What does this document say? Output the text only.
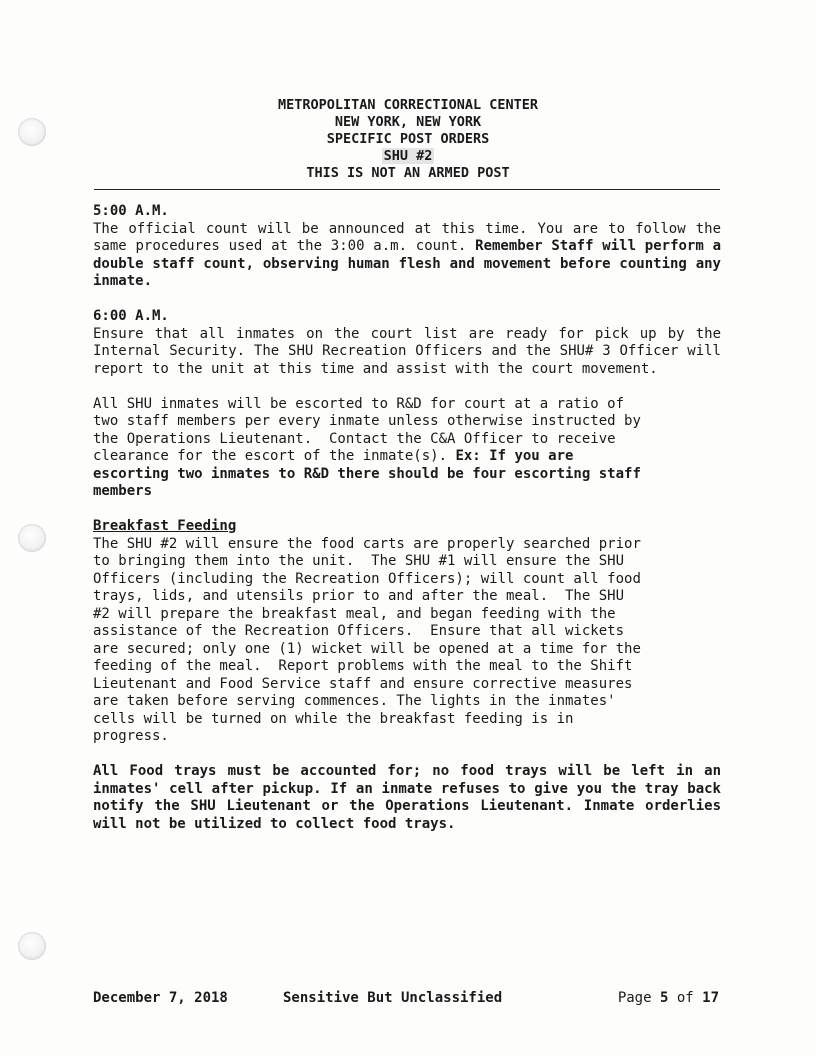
METROPOLITAN CORRECTIONAL CENTER
NEW YORK, NEW YORK
SPECIFIC POST ORDERS
SHU #2
THIS IS NOT AN ARMED POST

5:00 A.M.

The official count will be announced at this time. You are to follow the same procedures used at the 3:00 a.m. count. Remember Staff will perform a double staff count, observing human flesh and movement before counting any inmate.

6:00 A.M.

Ensure that all inmates on the court list are ready for pick up by the Internal Security. The SHU Recreation Officers and the SHU# 3 Officer will report to the unit at this time and assist with the court movement.

All SHU inmates will be escorted to R&D for court at a ratio of
two staff members per every inmate unless otherwise instructed by
the Operations Lieutenant.  Contact the C&A Officer to receive
clearance for the escort of the inmate(s). Ex: If you are
escorting two inmates to R&D there should be four escorting staff
members

Breakfast Feeding

The SHU #2 will ensure the food carts are properly searched prior
to bringing them into the unit.  The SHU #1 will ensure the SHU
Officers (including the Recreation Officers); will count all food
trays, lids, and utensils prior to and after the meal.  The SHU
#2 will prepare the breakfast meal, and began feeding with the
assistance of the Recreation Officers.  Ensure that all wickets
are secured; only one (1) wicket will be opened at a time for the
feeding of the meal.  Report problems with the meal to the Shift
Lieutenant and Food Service staff and ensure corrective measures
are taken before serving commences. The lights in the inmates'
cells will be turned on while the breakfast feeding is in
progress.

All Food trays must be accounted for; no food trays will be left in an inmates' cell after pickup. If an inmate refuses to give you the tray back notify the SHU Lieutenant or the Operations Lieutenant. Inmate orderlies will not be utilized to collect food trays.

December 7, 2018	Sensitive But Unclassified	Page 5 of 17
